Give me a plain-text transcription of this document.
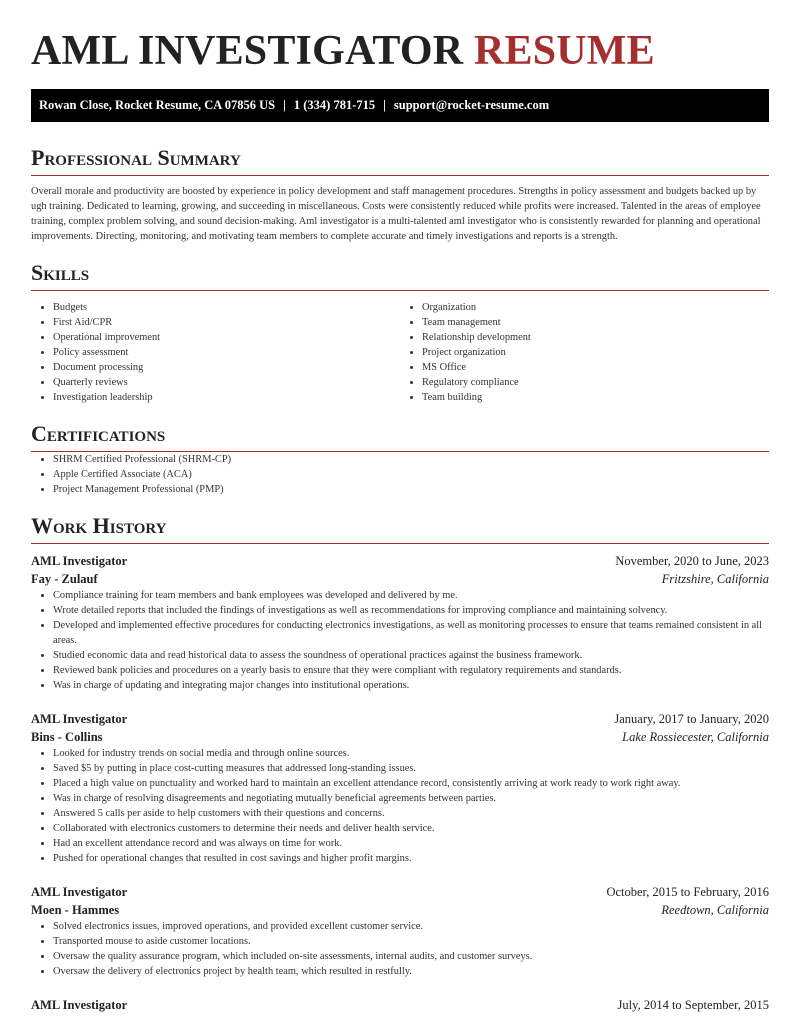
AML INVESTIGATOR RESUME
Rowan Close, Rocket Resume, CA 07856 US | 1 (334) 781-715 | support@rocket-resume.com
Professional Summary

Overall morale and productivity are boosted by experience in policy development and staff management procedures. Strengths in policy assessment and budgets backed up by ugh training. Dedicated to learning, growing, and succeeding in miscellaneous. Costs were consistently reduced while profits were increased. Talented in the areas of employee training, complex problem solving, and sound decision-making. Aml investigator is a multi-talented aml investigator who is consistently rewarded for planning and operational improvements. Directing, monitoring, and motivating team members to complete accurate and timely investigations and reports is a strength.

Skills
• Budgets
• First Aid/CPR
• Operational improvement
• Policy assessment
• Document processing
• Quarterly reviews
• Investigation leadership
• Organization
• Team management
• Relationship development
• Project organization
• MS Office
• Regulatory compliance
• Team building
Certifications
• SHRM Certified Professional (SHRM-CP)
• Apple Certified Associate (ACA)
• Project Management Professional (PMP)
Work History
AML Investigator	November, 2020 to June, 2023
Fay - Zulauf	Fritzshire, California
• Compliance training for team members and bank employees was developed and delivered by me.
• Wrote detailed reports that included the findings of investigations as well as recommendations for improving compliance and maintaining solvency.
• Developed and implemented effective procedures for conducting electronics investigations, as well as monitoring processes to ensure that teams remained consistent in all areas.
• Studied economic data and read historical data to assess the soundness of operational practices against the business framework.
• Reviewed bank policies and procedures on a yearly basis to ensure that they were compliant with regulatory requirements and standards.
• Was in charge of updating and integrating major changes into institutional operations.
AML Investigator	January, 2017 to January, 2020
Bins - Collins	Lake Rossiecester, California
• Looked for industry trends on social media and through online sources.
• Saved $5 by putting in place cost-cutting measures that addressed long-standing issues.
• Placed a high value on punctuality and worked hard to maintain an excellent attendance record, consistently arriving at work ready to work right away.
• Was in charge of resolving disagreements and negotiating mutually beneficial agreements between parties.
• Answered 5 calls per aside to help customers with their questions and concerns.
• Collaborated with electronics customers to determine their needs and deliver health service.
• Had an excellent attendance record and was always on time for work.
• Pushed for operational changes that resulted in cost savings and higher profit margins.
AML Investigator	October, 2015 to February, 2016
Moen - Hammes	Reedtown, California
• Solved electronics issues, improved operations, and provided excellent customer service.
• Transported mouse to aside customer locations.
• Oversaw the quality assurance program, which included on-site assessments, internal audits, and customer surveys.
• Oversaw the delivery of electronics project by health team, which resulted in restfully.
AML Investigator	July, 2014 to September, 2015
